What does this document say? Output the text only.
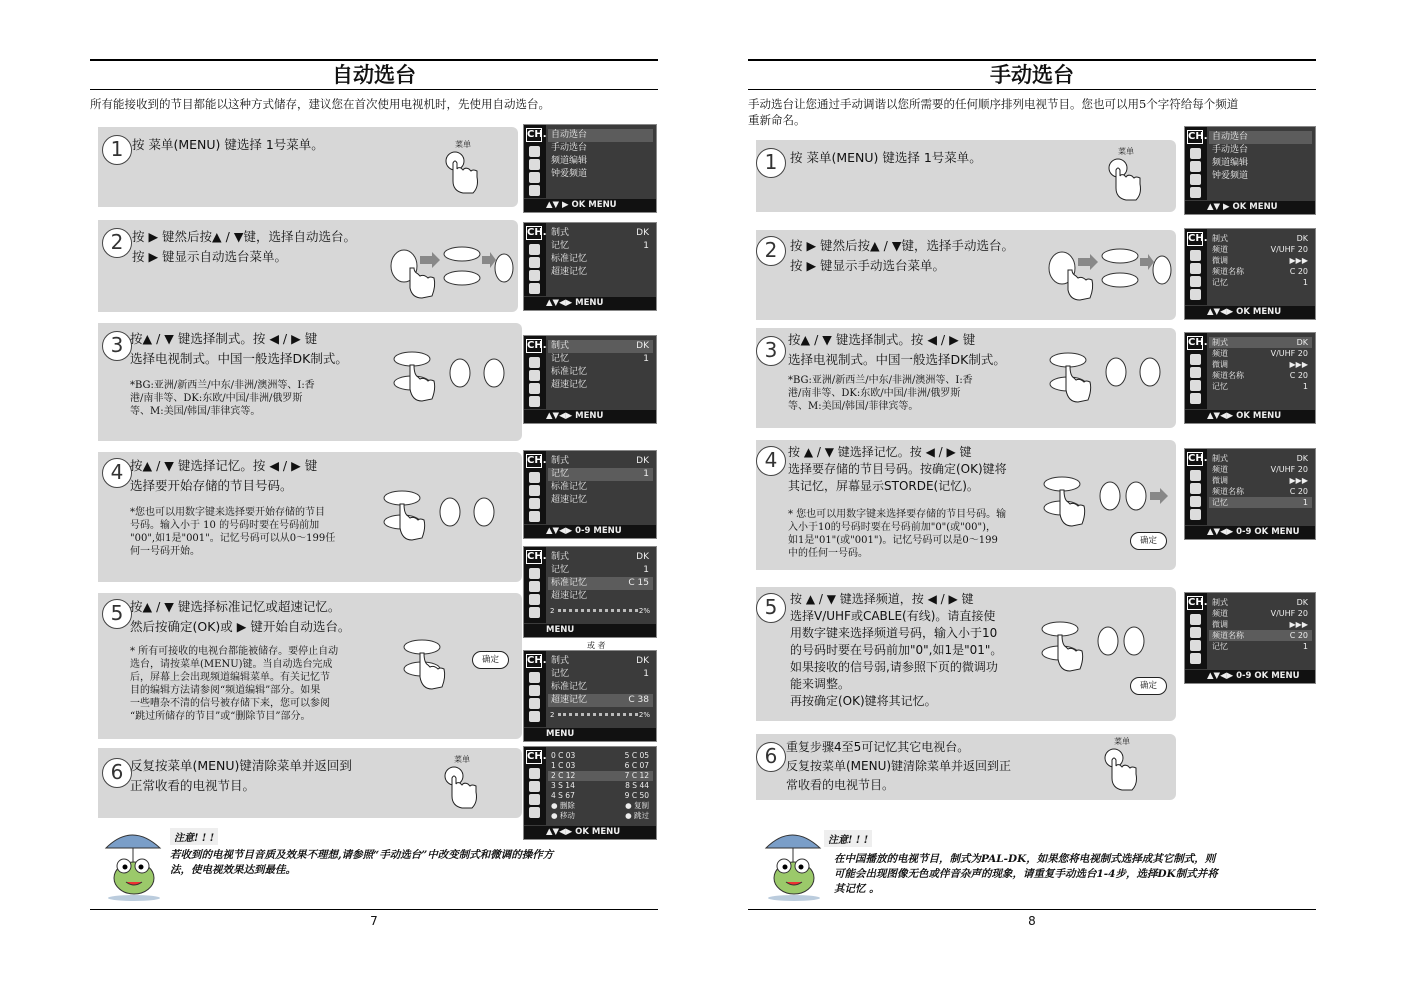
自动选台
所有能接收到的节目都能以这种方式储存，建议您在首次使用电视机时，先使用自动选台。
1 按 菜单(MENU) 键选择 1号菜单。	菜单
CH. 自动选台
手动选台
频道编辑
钟爱频道
▲▼ ▶ OK MENU
2 按 ▶ 键然后按▲ / ▼键，选择自动选台。
按 ▶ 键显示自动选台菜单。
CH. 制式	DK
记忆	1
标准记忆
超速记忆
▲▼◀▶ MENU
3 按▲ / ▼ 键选择制式。按 ◀ / ▶ 键
选择电视制式。中国一般选择DK制式。
*BG:亚洲/新西兰/中东/非洲/澳洲等、I:香
港/南非等、DK:东欧/中国/非洲/俄罗斯
等、M:美国/韩国/菲律宾等。
CH. 制式	DK
记忆	1
标准记忆
超速记忆
▲▼◀▶ MENU
4 按▲ / ▼ 键选择记忆。按 ◀ / ▶ 键
选择要开始存储的节目号码。
*您也可以用数字键来选择要开始存储的节目
号码。输入小于 10 的号码时要在号码前加
"00",如1是"001"。记忆号码可以从0～199任
何一号码开始。
CH. 制式	DK
记忆	1
标准记忆
超速记忆
▲▼◀▶ 0-9 MENU
CH. 制式	DK
记忆	1
标准记忆	C 15
超速记忆
2	2%
MENU
或 者
5 按▲ / ▼ 键选择标准记忆或超速记忆。
然后按确定(OK)或 ▶ 键开始自动选台。
* 所有可接收的电视台都能被储存。要停止自动
选台，请按菜单(MENU)键。当自动选台完成
后，屏幕上会出现频道编辑菜单。有关记忆节
目的编辑方法请参阅“频道编辑”部分。如果
一些嘈杂不清的信号被存储下来，您可以参阅
“跳过所储存的节目”或“删除节目”部分。
确定	CH. 制式	DK
记忆	1
标准记忆
超速记忆	C 38
2	2%
MENU
6 反复按菜单(MENU)键清除菜单并返回到
正常收看的电视节目。
菜单	CH. 0 C 03	5 C 05
1 C 03	6 C 07
2 C 12	7 C 12
3 S 14	8 S 44
4 S 67	9 C 50
● 删除	● 复制
● 移动	● 跳过
▲▼◀▶ OK MENU
注意! ! !
若收到的电视节目音质及效果不理想,请参照“手动选台”中改变制式和微调的操作方
法，使电视效果达到最佳。
7
手动选台
手动选台让您通过手动调谐以您所需要的任何顺序排列电视节目。您也可以用5个字符给每个频道
重新命名。
1	按 菜单(MENU) 键选择 1号菜单。	菜单
CH. 自动选台
手动选台
频道编辑
钟爱频道
▲▼ ▶ OK MENU
2	按 ▶ 键然后按▲ / ▼键，选择手动选台。
按 ▶ 键显示手动选台菜单。
CH. 制式	DK
频道	V/UHF 20
微调	▶▶▶
频道名称	C 20
记忆	1
▲▼◀▶ OK MENU
3 按▲ / ▼ 键选择制式。按 ◀ / ▶ 键
选择电视制式。中国一般选择DK制式。
*BG:亚洲/新西兰/中东/非洲/澳洲等、I:香
港/南非等、DK:东欧/中国/非洲/俄罗斯
等、M:美国/韩国/菲律宾等。
CH. 制式	DK
频道	V/UHF 20
微调	▶▶▶
频道名称	C 20
记忆	1
▲▼◀▶ OK MENU
4 按 ▲ / ▼ 键选择记忆。按 ◀ / ▶ 键
选择要存储的节目号码。按确定(OK)键将
其记忆，屏幕显示STORDE(记忆)。
* 您也可以用数字键来选择要存储的节目号码。输
入小于10的号码时要在号码前加"0"(或"00")，
如1是"01"(或"001")。记忆号码可以是0～199
中的任何一号码。
确定
CH. 制式	DK
频道	V/UHF 20
微调	▶▶▶
频道名称	C 20
记忆	1
▲▼◀▶ 0-9 OK MENU
5	按 ▲ / ▼ 键选择频道，按 ◀ / ▶ 键
选择V/UHF或CABLE(有线)。请直接使
用数字键来选择频道号码，输入小于10
的号码时要在号码前加"0",如1是"01"。
如果接收的信号弱,请参照下页的微调功
能来调整。
再按确定(OK)键将其记忆。
确定
CH. 制式	DK
频道	V/UHF 20
微调	▶▶▶
频道名称	C 20
记忆	1
▲▼◀▶ 0-9 OK MENU
6 重复步骤4至5可记忆其它电视台。
反复按菜单(MENU)键清除菜单并返回到正
常收看的电视节目。
菜单
注意! ! !
在中国播放的电视节目，制式为PAL-DK，如果您将电视制式选择成其它制式，则
可能会出现图像无色或伴音杂声的现象，请重复手动选台1-4步，选择DK制式并将
其记忆 。
8
